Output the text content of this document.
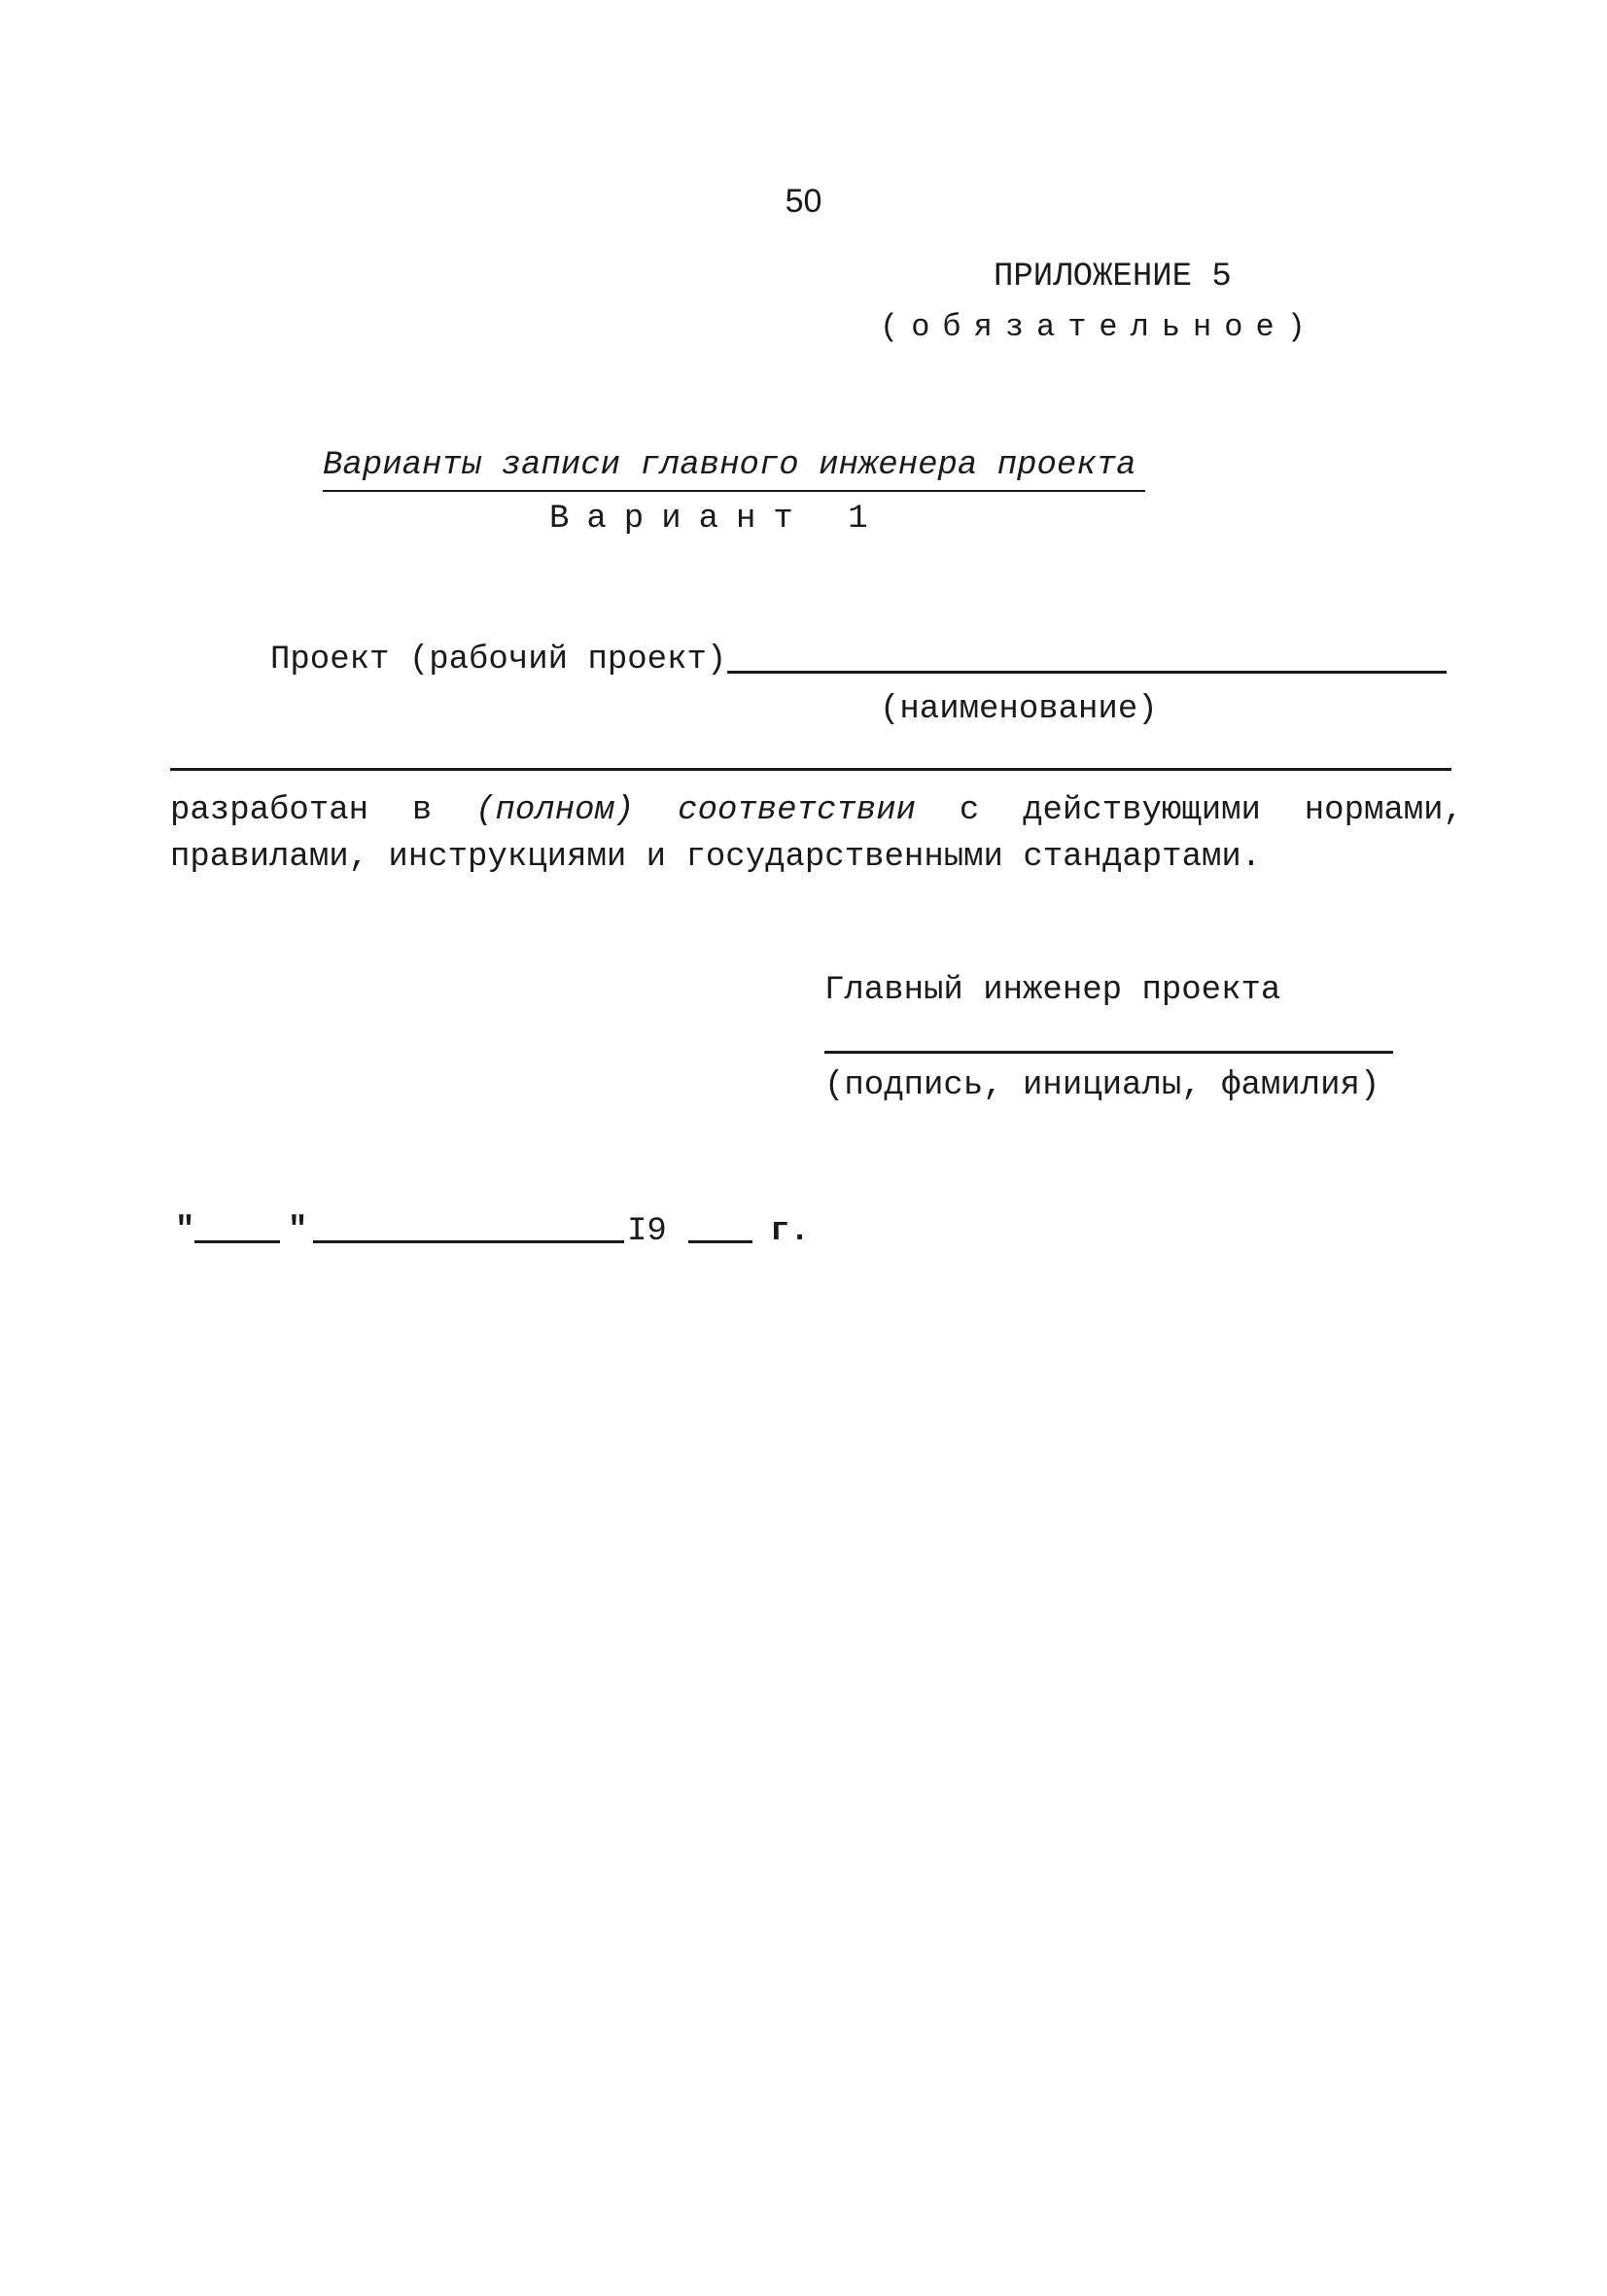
50
ПРИЛОЖЕНИЕ 5
(обязательное)
Варианты записи главного инженера проекта
Вариант 1
Проект (рабочий проект)
(наименование)
разработан в (полном) соответствии с действующими нормами, правилами, инструкциями и государственными стандартами.
Главный инженер проекта
(подпись, инициалы, фамилия)
"	"	I9	г.
